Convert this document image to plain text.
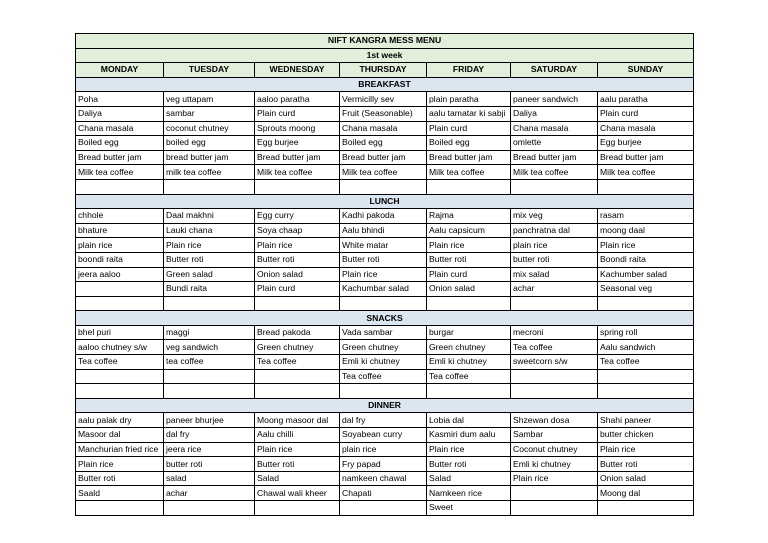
NIFT KANGRA MESS MENU						
1st week						
MONDAY	TUESDAY	WEDNESDAY	THURSDAY	FRIDAY	SATURDAY	SUNDAY
BREAKFAST						
Poha	veg uttapam	aaloo paratha	Vermicilly sev	plain paratha	paneer sandwich	aalu paratha
Daliya	sambar	Plain curd	Fruit (Seasonable)	aalu tamatar ki sabji	Daliya	Plain curd
Chana masala	coconut chutney	Sprouts moong	Chana masala	Plain curd	Chana masala	Chana masala
Boiled egg	boiled egg	Egg burjee	Boiled egg	Boiled egg	omlette	Egg burjee
Bread butter jam	bread butter jam	Bread butter jam	Bread butter jam	Bread butter jam	Bread butter jam	Bread butter jam
Milk tea coffee	milk tea coffee	Milk tea coffee	Milk tea coffee	Milk tea coffee	Milk tea coffee	Milk tea coffee

LUNCH						
chhole	Daal makhni	Egg curry	Kadhi pakoda	Rajma	mix veg	rasam
bhature	Lauki chana	Soya chaap	Aalu bhindi	Aalu capsicum	panchratna dal	moong daal
plain rice	Plain rice	Plain rice	White matar	Plain rice	plain rice	Plain rice
boondi raita	Butter roti	Butter roti	Butter roti	Butter roti	butter roti	Boondi raita
jeera aaloo	Green salad	Onion salad	Plain rice	Plain curd	mix salad	Kachumber salad
	Bundi raita	Plain curd	Kachumbar salad	Onion salad	achar	Seasonal veg

SNACKS						
bhel puri	maggi	Bread pakoda	Vada sambar	burgar	mecroni	spring roll
aaloo chutney s/w	veg sandwich	Green chutney	Green chutney	Green chutney	Tea coffee	Aalu sandwich
Tea coffee	tea coffee	Tea coffee	Emli ki chutney	Emli ki chutney	sweetcorn s/w	Tea coffee
			Tea coffee	Tea coffee		

DINNER						
aalu palak dry	paneer bhurjee	Moong masoor dal	dal fry	Lobia dal	Shzewan dosa	Shahi paneer
Masoor dal	dal fry	Aalu chilli	Soyabean curry	Kasmiri dum aalu	Sambar	butter chicken
Manchurian fried rice	jeera rice	Plain rice	plain rice	Plain rice	Coconut chutney	Plain rice
Plain rice	butter roti	Butter roti	Fry papad	Butter roti	Emli ki chutney	Butter roti
Butter roti	salad	Salad	namkeen chawal	Salad	Plain rice	Onion salad
Saald	achar	Chawal wali kheer	Chapati	Namkeen rice		Moong dal
				Sweet		
